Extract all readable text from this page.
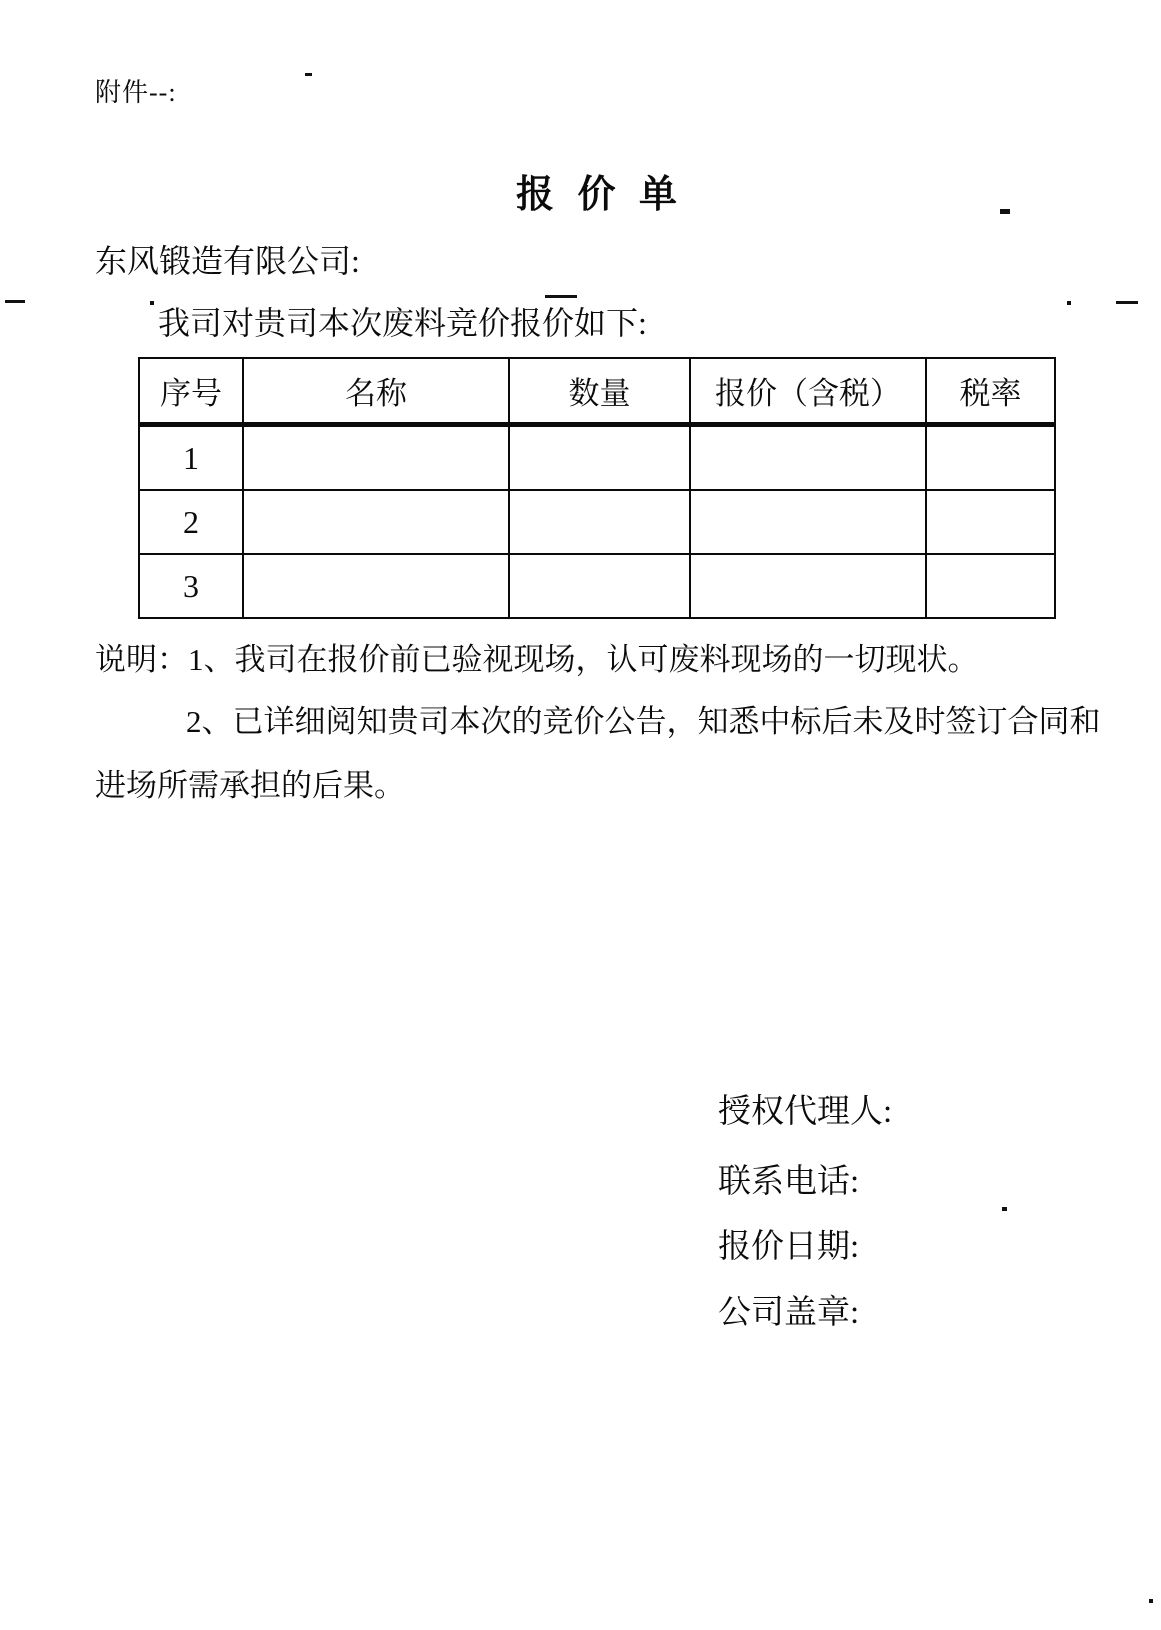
附件--:
报 价 单
东风锻造有限公司:
我司对贵司本次废料竞价报价如下:
序号	名称	数量	报价（含税）	税率
1				
2				
3				
说明：1、我司在报价前已验视现场，认可废料现场的一切现状。
2、已详细阅知贵司本次的竞价公告，知悉中标后未及时签订合同和
进场所需承担的后果。
授权代理人:
联系电话:
报价日期:
公司盖章:
